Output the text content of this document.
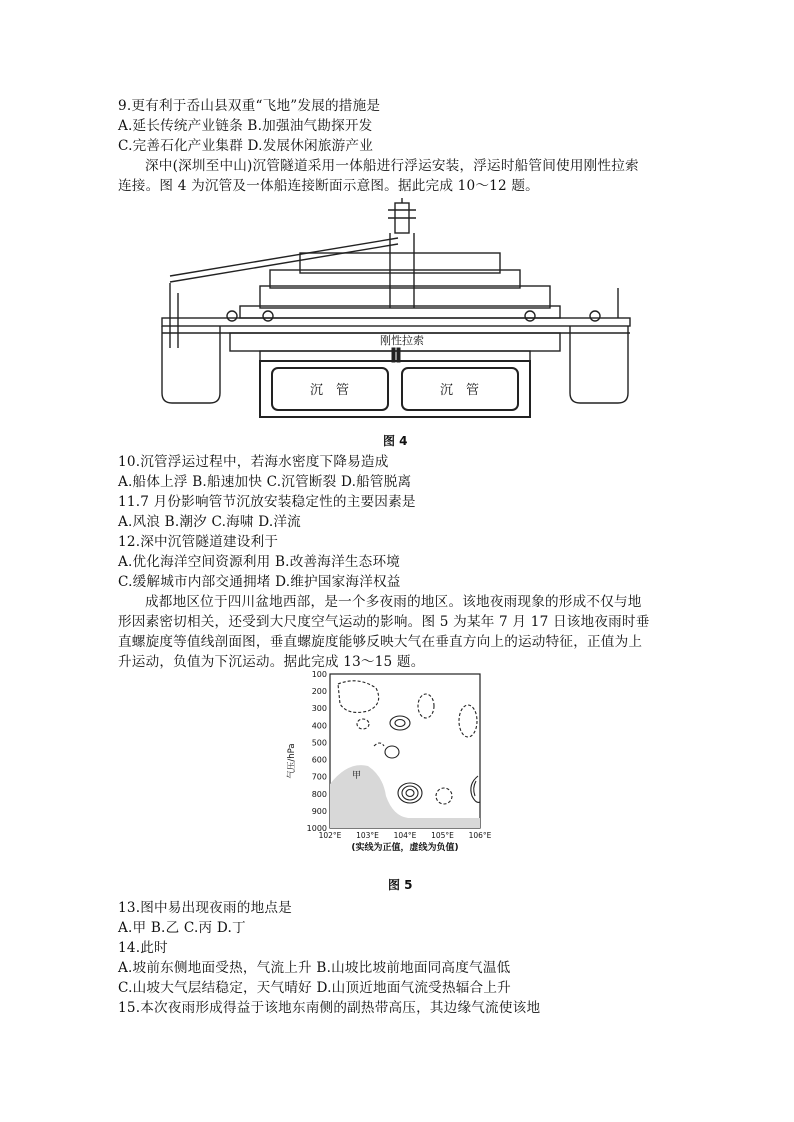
9.更有利于岙山县双重“飞地”发展的措施是
A.延长传统产业链条 B.加强油气勘探开发
C.完善石化产业集群 D.发展休闲旅游产业
深中(深圳至中山)沉管隧道采用一体船进行浮运安装，浮运时船管间使用刚性拉索
连接。图 4 为沉管及一体船连接断面示意图。据此完成 10～12 题。
刚性拉索
沉　管	沉　管
图 4
10.沉管浮运过程中，若海水密度下降易造成
A.船体上浮 B.船速加快 C.沉管断裂 D.船管脱离
11.7 月份影响管节沉放安装稳定性的主要因素是
A.风浪 B.潮汐 C.海啸 D.洋流
12.深中沉管隧道建设利于
A.优化海洋空间资源利用 B.改善海洋生态环境
C.缓解城市内部交通拥堵 D.维护国家海洋权益
成都地区位于四川盆地西部，是一个多夜雨的地区。该地夜雨现象的形成不仅与地
形因素密切相关，还受到大尺度空气运动的影响。图 5 为某年 7 月 17 日该地夜雨时垂
直螺旋度等值线剖面图，垂直螺旋度能够反映大气在垂直方向上的运动特征，正值为上
升运动，负值为下沉运动。据此完成 13～15 题。
甲
100
200
300
400
500
600
700
800
900
1000
102°E 103°E 104°E 105°E 106°E
气压/hPa
(实线为正值，虚线为负值)
图 5
13.图中易出现夜雨的地点是
A.甲 B.乙 C.丙 D.丁
14.此时
A.坡前东侧地面受热，气流上升 B.山坡比坡前地面同高度气温低
C.山坡大气层结稳定，天气晴好 D.山顶近地面气流受热辐合上升
15.本次夜雨形成得益于该地东南侧的副热带高压，其边缘气流使该地
